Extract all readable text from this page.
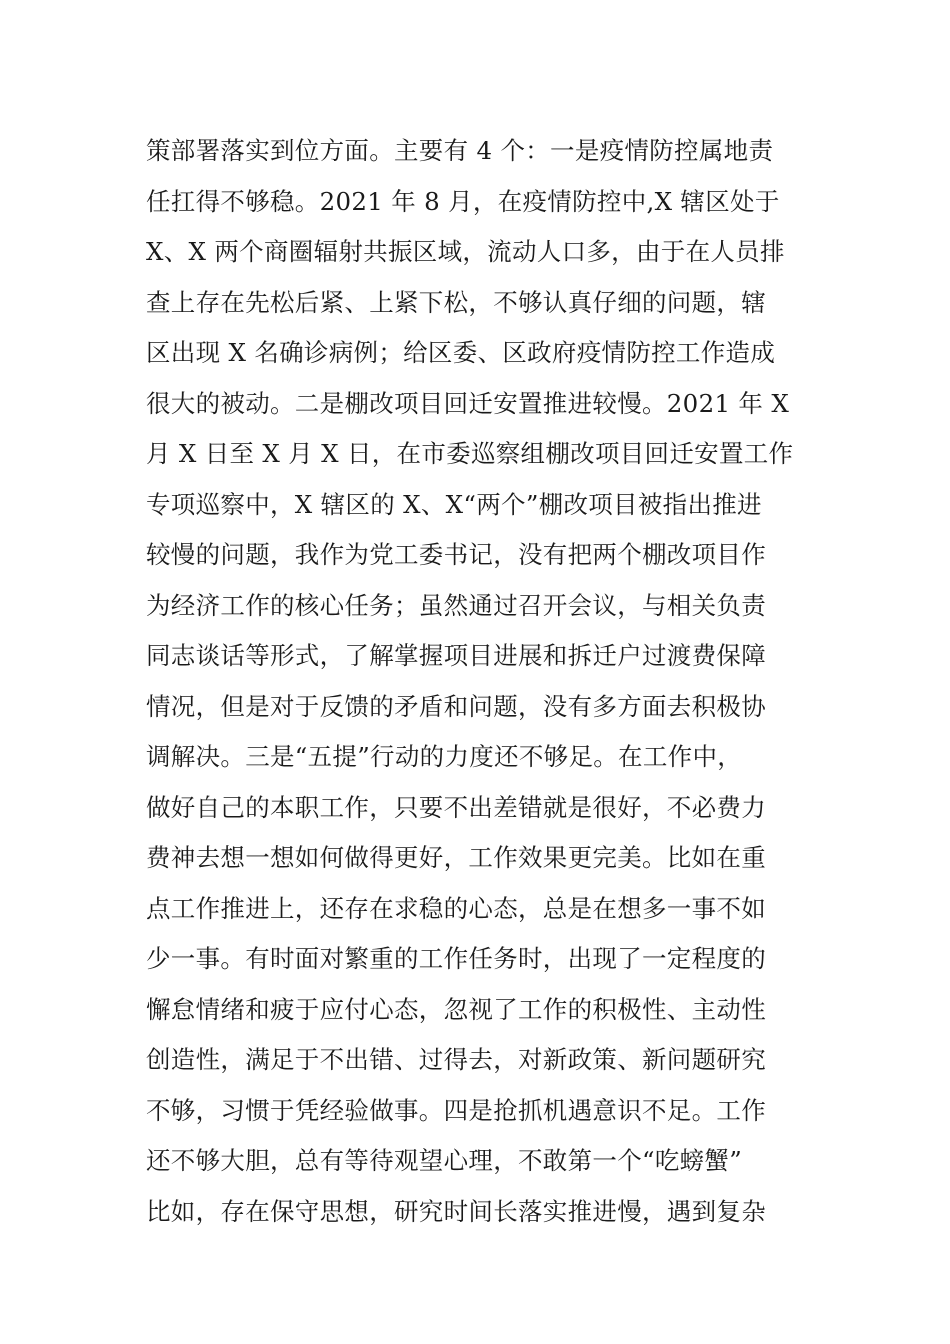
策部署落实到位方面。主要有 4 个：一是疫情防控属地责
任扛得不够稳。2021 年 8 月，在疫情防控中,X 辖区处于
X、X 两个商圈辐射共振区域，流动人口多，由于在人员排
查上存在先松后紧、上紧下松，不够认真仔细的问题，辖
区出现 X 名确诊病例；给区委、区政府疫情防控工作造成
很大的被动。二是棚改项目回迁安置推进较慢。2021 年 X
月 X 日至 X 月 X 日，在市委巡察组棚改项目回迁安置工作
专项巡察中，X 辖区的 X、X“两个”棚改项目被指出推进
较慢的问题，我作为党工委书记，没有把两个棚改项目作
为经济工作的核心任务；虽然通过召开会议，与相关负责
同志谈话等形式，了解掌握项目进展和拆迁户过渡费保障
情况，但是对于反馈的矛盾和问题，没有多方面去积极协
调解决。三是“五提”行动的力度还不够足。在工作中，
做好自己的本职工作，只要不出差错就是很好，不必费力
费神去想一想如何做得更好，工作效果更完美。比如在重
点工作推进上，还存在求稳的心态，总是在想多一事不如
少一事。有时面对繁重的工作任务时，出现了一定程度的
懈怠情绪和疲于应付心态，忽视了工作的积极性、主动性
创造性，满足于不出错、过得去，对新政策、新问题研究
不够，习惯于凭经验做事。四是抢抓机遇意识不足。工作
还不够大胆，总有等待观望心理，不敢第一个“吃螃蟹”
比如，存在保守思想，研究时间长落实推进慢，遇到复杂
